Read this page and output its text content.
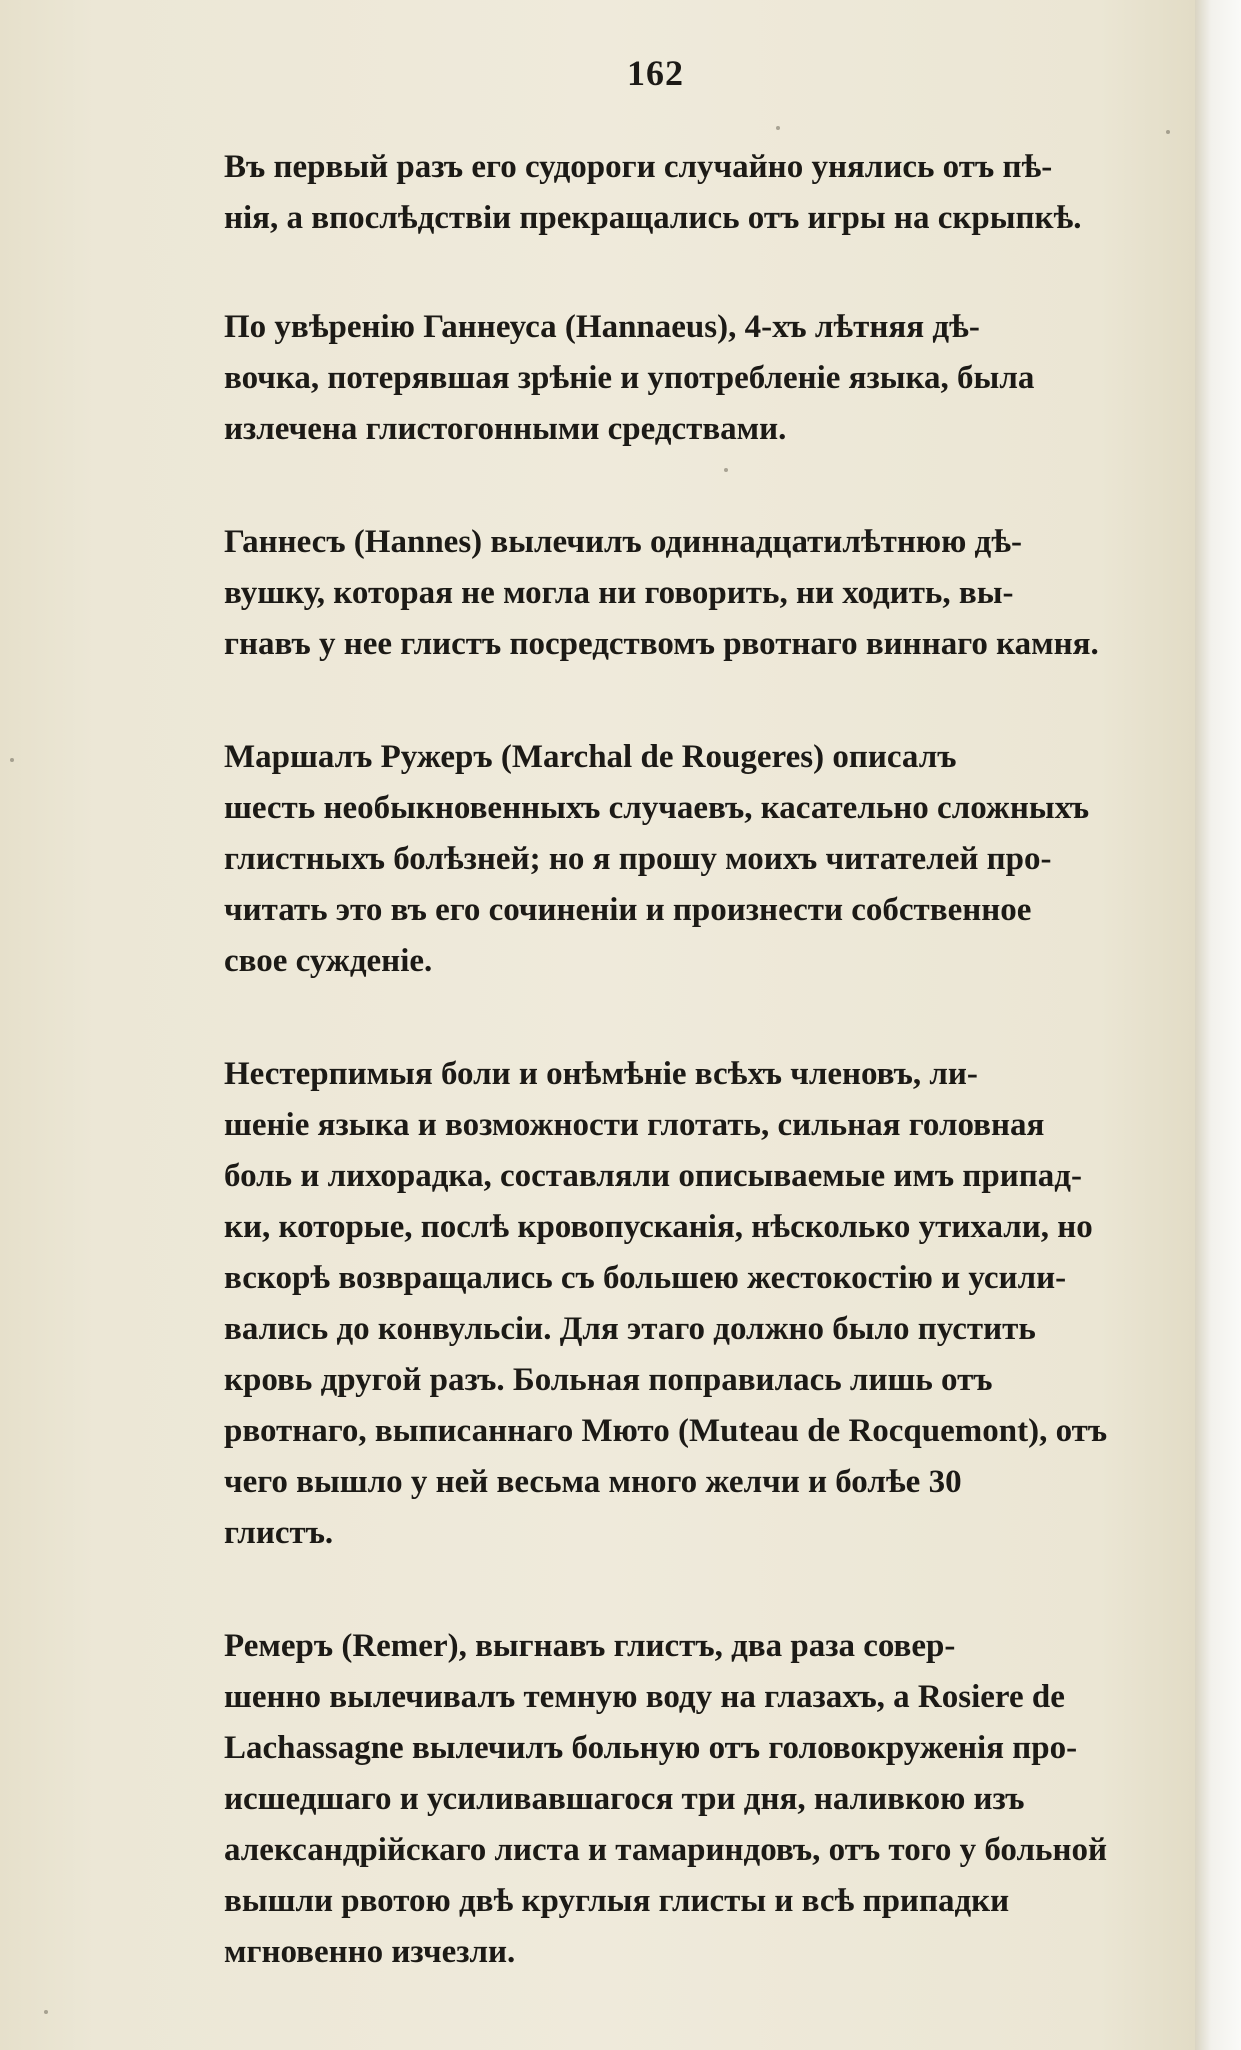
162

Въ первый разъ его судороги случайно унялись отъ пѣ-
нія, а впослѣдствіи прекращались отъ игры на скрыпкѣ.

По увѣренію Ганнеуса (Hannaeus), 4-хъ лѣтняя дѣ-
вочка, потерявшая зрѣніе и употребленіе языка, была
излечена глистогонными средствами.

Ганнесъ (Hannes) вылечилъ одиннадцатилѣтнюю дѣ-
вушку, которая не могла ни говорить, ни ходить, вы-
гнавъ у нее глистъ посредствомъ рвотнаго виннаго камня.

Маршалъ Ружеръ (Marchal de Rougeres) описалъ
шесть необыкновенныхъ случаевъ, касательно сложныхъ
глистныхъ болѣзней; но я прошу моихъ читателей про-
читать это въ его сочиненіи и произнести собственное
свое сужденіе.

Нестерпимыя боли и онѣмѣніе всѣхъ членовъ, ли-
шеніе языка и возможности глотать, сильная головная
боль и лихорадка, составляли описываемые имъ припад-
ки, которые, послѣ кровопусканія, нѣсколько утихали, но
вскорѣ возвращались съ большею жестокостію и усили-
вались до конвульсіи. Для этаго должно было пустить
кровь другой разъ. Больная поправилась лишь отъ
рвотнаго, выписаннаго Мюто (Muteau de Rocquemont), отъ
чего вышло у ней весьма много желчи и болѣе 30
глистъ.

Ремеръ (Remer), выгнавъ глистъ, два раза совер-
шенно вылечивалъ темную воду на глазахъ, а Rosiere de
Lachassagne вылечилъ больную отъ головокруженія про-
исшедшаго и усиливавшагося три дня, наливкою изъ
александрійскаго листа и тамариндовъ, отъ того у больной
вышли рвотою двѣ круглыя глисты и всѣ припадки
мгновенно изчезли.
